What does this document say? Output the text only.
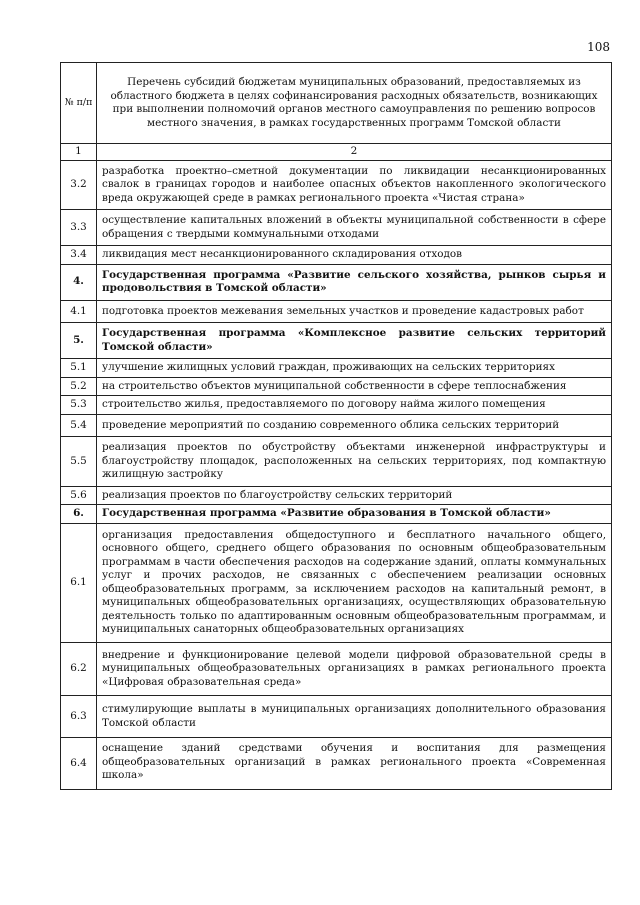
108
№ п/п	Перечень субсидий бюджетам муниципальных образований, предоставляемых из областного бюджета в целях софинансирования расходных обязательств, возникающих при выполнении полномочий органов местного самоуправления по решению вопросов местного значения, в рамках государственных программ Томской области
1	2
3.2	разработка проектно–сметной документации по ликвидации несанкционированных свалок в границах городов и наиболее опасных объектов накопленного экологического вреда окружающей среде в рамках регионального проекта «Чистая страна»
3.3	осуществление капитальных вложений в объекты муниципальной собственности в сфере обращения с твердыми коммунальными отходами
3.4	ликвидация мест несанкционированного складирования отходов
4.	Государственная программа «Развитие сельского хозяйства, рынков сырья и продовольствия в Томской области»
4.1	подготовка проектов межевания земельных участков и проведение кадастровых работ
5.	Государственная программа «Комплексное развитие сельских территорий Томской области»
5.1	улучшение жилищных условий граждан, проживающих на сельских территориях
5.2	на строительство объектов муниципальной собственности в сфере теплоснабжения
5.3	строительство жилья, предоставляемого по договору найма жилого помещения
5.4	проведение мероприятий по созданию современного облика сельских территорий
5.5	реализация проектов по обустройству объектами инженерной инфраструктуры и благоустройству площадок, расположенных на сельских территориях, под компактную жилищную застройку
5.6	реализация проектов по благоустройству сельских территорий
6.	Государственная программа «Развитие образования в Томской области»
6.1	организация предоставления общедоступного и бесплатного начального общего, основного общего, среднего общего образования по основным общеобразовательным программам в части обеспечения расходов на содержание зданий, оплаты коммунальных услуг и прочих расходов, не связанных с обеспечением реализации основных общеобразовательных программ, за исключением расходов на капитальный ремонт, в муниципальных общеобразовательных организациях, осуществляющих образовательную деятельность только по адаптированным основным общеобразовательным программам, и муниципальных санаторных общеобразовательных организациях
6.2	внедрение и функционирование целевой модели цифровой образовательной среды в муниципальных общеобразовательных организациях в рамках регионального проекта «Цифровая образовательная среда»
6.3	стимулирующие выплаты в муниципальных организациях дополнительного образования Томской области
6.4	оснащение зданий средствами обучения и воспитания для размещения общеобразовательных организаций в рамках регионального проекта «Современная школа»
